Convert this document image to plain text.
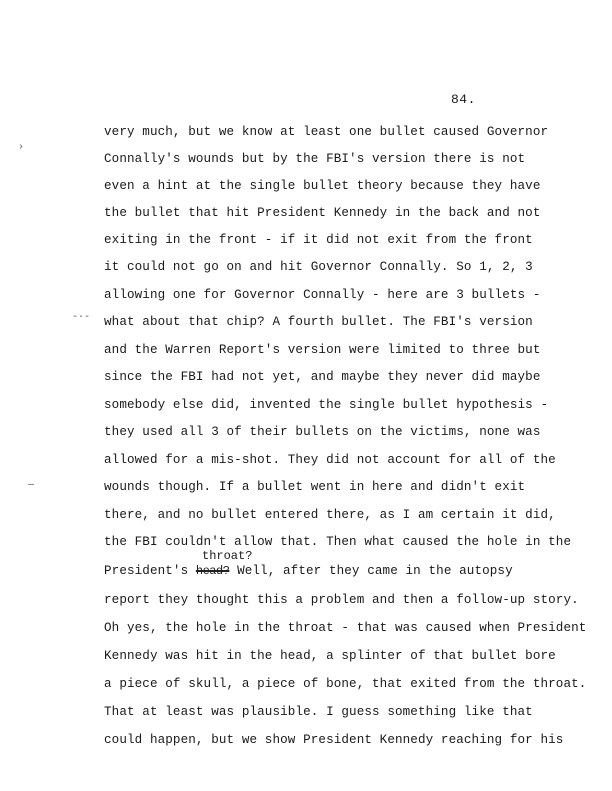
84.
very much, but we know at least one bullet caused Governor
Connally's wounds but by the FBI's version there is not
even a hint at the single bullet theory because they have
the bullet that hit President Kennedy in the back and not
exiting in the front - if it did not exit from the front
it could not go on and hit Governor Connally. So 1, 2, 3
allowing one for Governor Connally - here are 3 bullets -
what about that chip? A fourth bullet. The FBI's version
and the Warren Report's version were limited to three but
since the FBI had not yet, and maybe they never did maybe
somebody else did, invented the single bullet hypothesis -
they used all 3 of their bullets on the victims, none was
allowed for a mis-shot. They did not account for all of the
wounds though. If a bullet went in here and didn't exit
there, and no bullet entered there, as I am certain it did,
the FBI couldn't allow that. Then what caused the hole in the
throat?
President's head? Well, after they came in the autopsy
report they thought this a problem and then a follow-up story.
Oh yes, the hole in the throat - that was caused when President
Kennedy was hit in the head, a splinter of that bullet bore
a piece of skull, a piece of bone, that exited from the throat.
That at least was plausible. I guess something like that
could happen, but we show President Kennedy reaching for his
›
-·-
—
